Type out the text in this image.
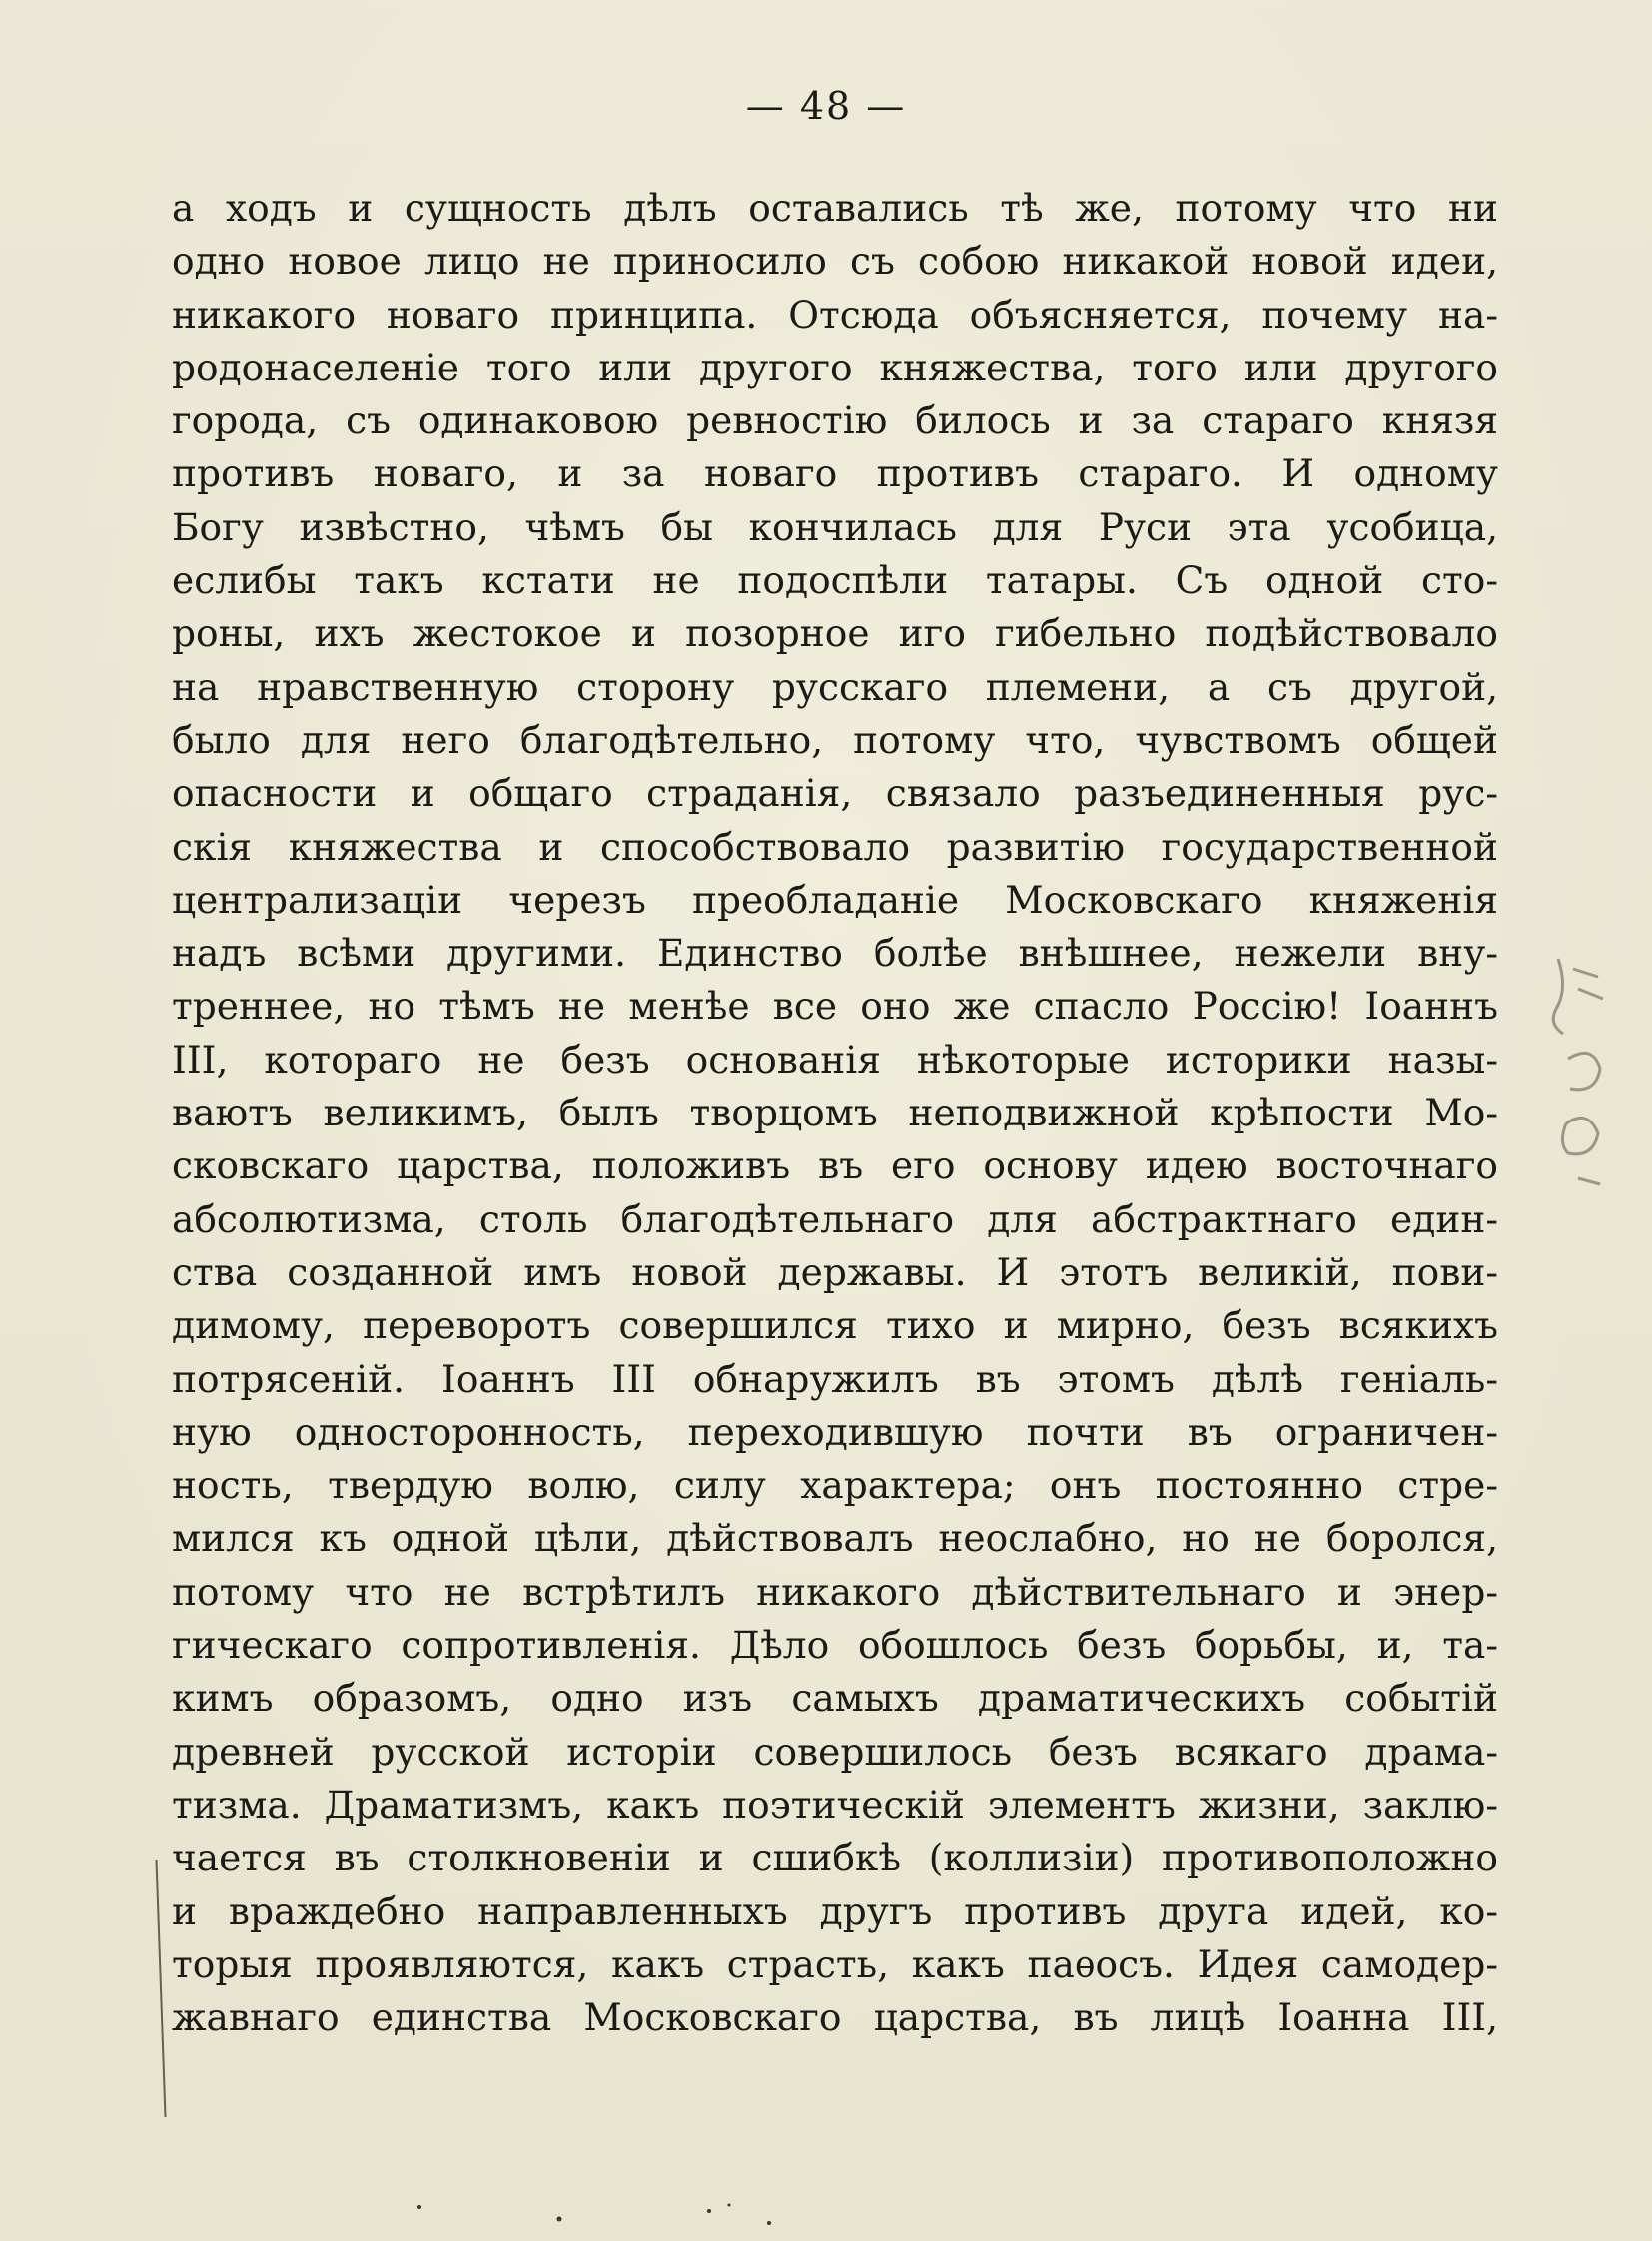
— 48 —
а ходъ и сущность дѣлъ оставались тѣ же, потому что ни
одно новое лицо не приносило съ собою никакой новой идеи,
никакого новаго принципа. Отсюда объясняется, почему на-
родонаселеніе того или другого княжества, того или другого
города, съ одинаковою ревностію билось и за стараго князя
противъ новаго, и за новаго противъ стараго. И одному
Богу извѣстно, чѣмъ бы кончилась для Руси эта усобица,
еслибы такъ кстати не подоспѣли татары. Съ одной сто-
роны, ихъ жестокое и позорное иго гибельно подѣйствовало
на нравственную сторону русскаго племени, а съ другой,
было для него благодѣтельно, потому что, чувствомъ общей
опасности и общаго страданія, связало разъединенныя рус-
скія княжества и способствовало развитію государственной
централизаціи черезъ преобладаніе Московскаго княженія
надъ всѣми другими. Единство болѣе внѣшнее, нежели вну-
треннее, но тѣмъ не менѣе все оно же спасло Россію! Іоаннъ
III, котораго не безъ основанія нѣкоторые историки назы-
ваютъ великимъ, былъ творцомъ неподвижной крѣпости Мо-
сковскаго царства, положивъ въ его основу идею восточнаго
абсолютизма, столь благодѣтельнаго для абстрактнаго един-
ства созданной имъ новой державы. И этотъ великій, пови-
димому, переворотъ совершился тихо и мирно, безъ всякихъ
потрясеній. Іоаннъ III обнаружилъ въ этомъ дѣлѣ геніаль-
ную односторонность, переходившую почти въ ограничен-
ность, твердую волю, силу характера; онъ постоянно стре-
мился къ одной цѣли, дѣйствовалъ неослабно, но не боролся,
потому что не встрѣтилъ никакого дѣйствительнаго и энер-
гическаго сопротивленія. Дѣло обошлось безъ борьбы, и, та-
кимъ образомъ, одно изъ самыхъ драматическихъ событій
древней русской исторіи совершилось безъ всякаго драма-
тизма. Драматизмъ, какъ поэтическій элементъ жизни, заклю-
чается въ столкновеніи и сшибкѣ (коллизіи) противоположно
и враждебно направленныхъ другъ противъ друга идей, ко-
торыя проявляются, какъ страсть, какъ паѳосъ. Идея самодер-
жавнаго единства Московскаго царства, въ лицѣ Іоанна III,
